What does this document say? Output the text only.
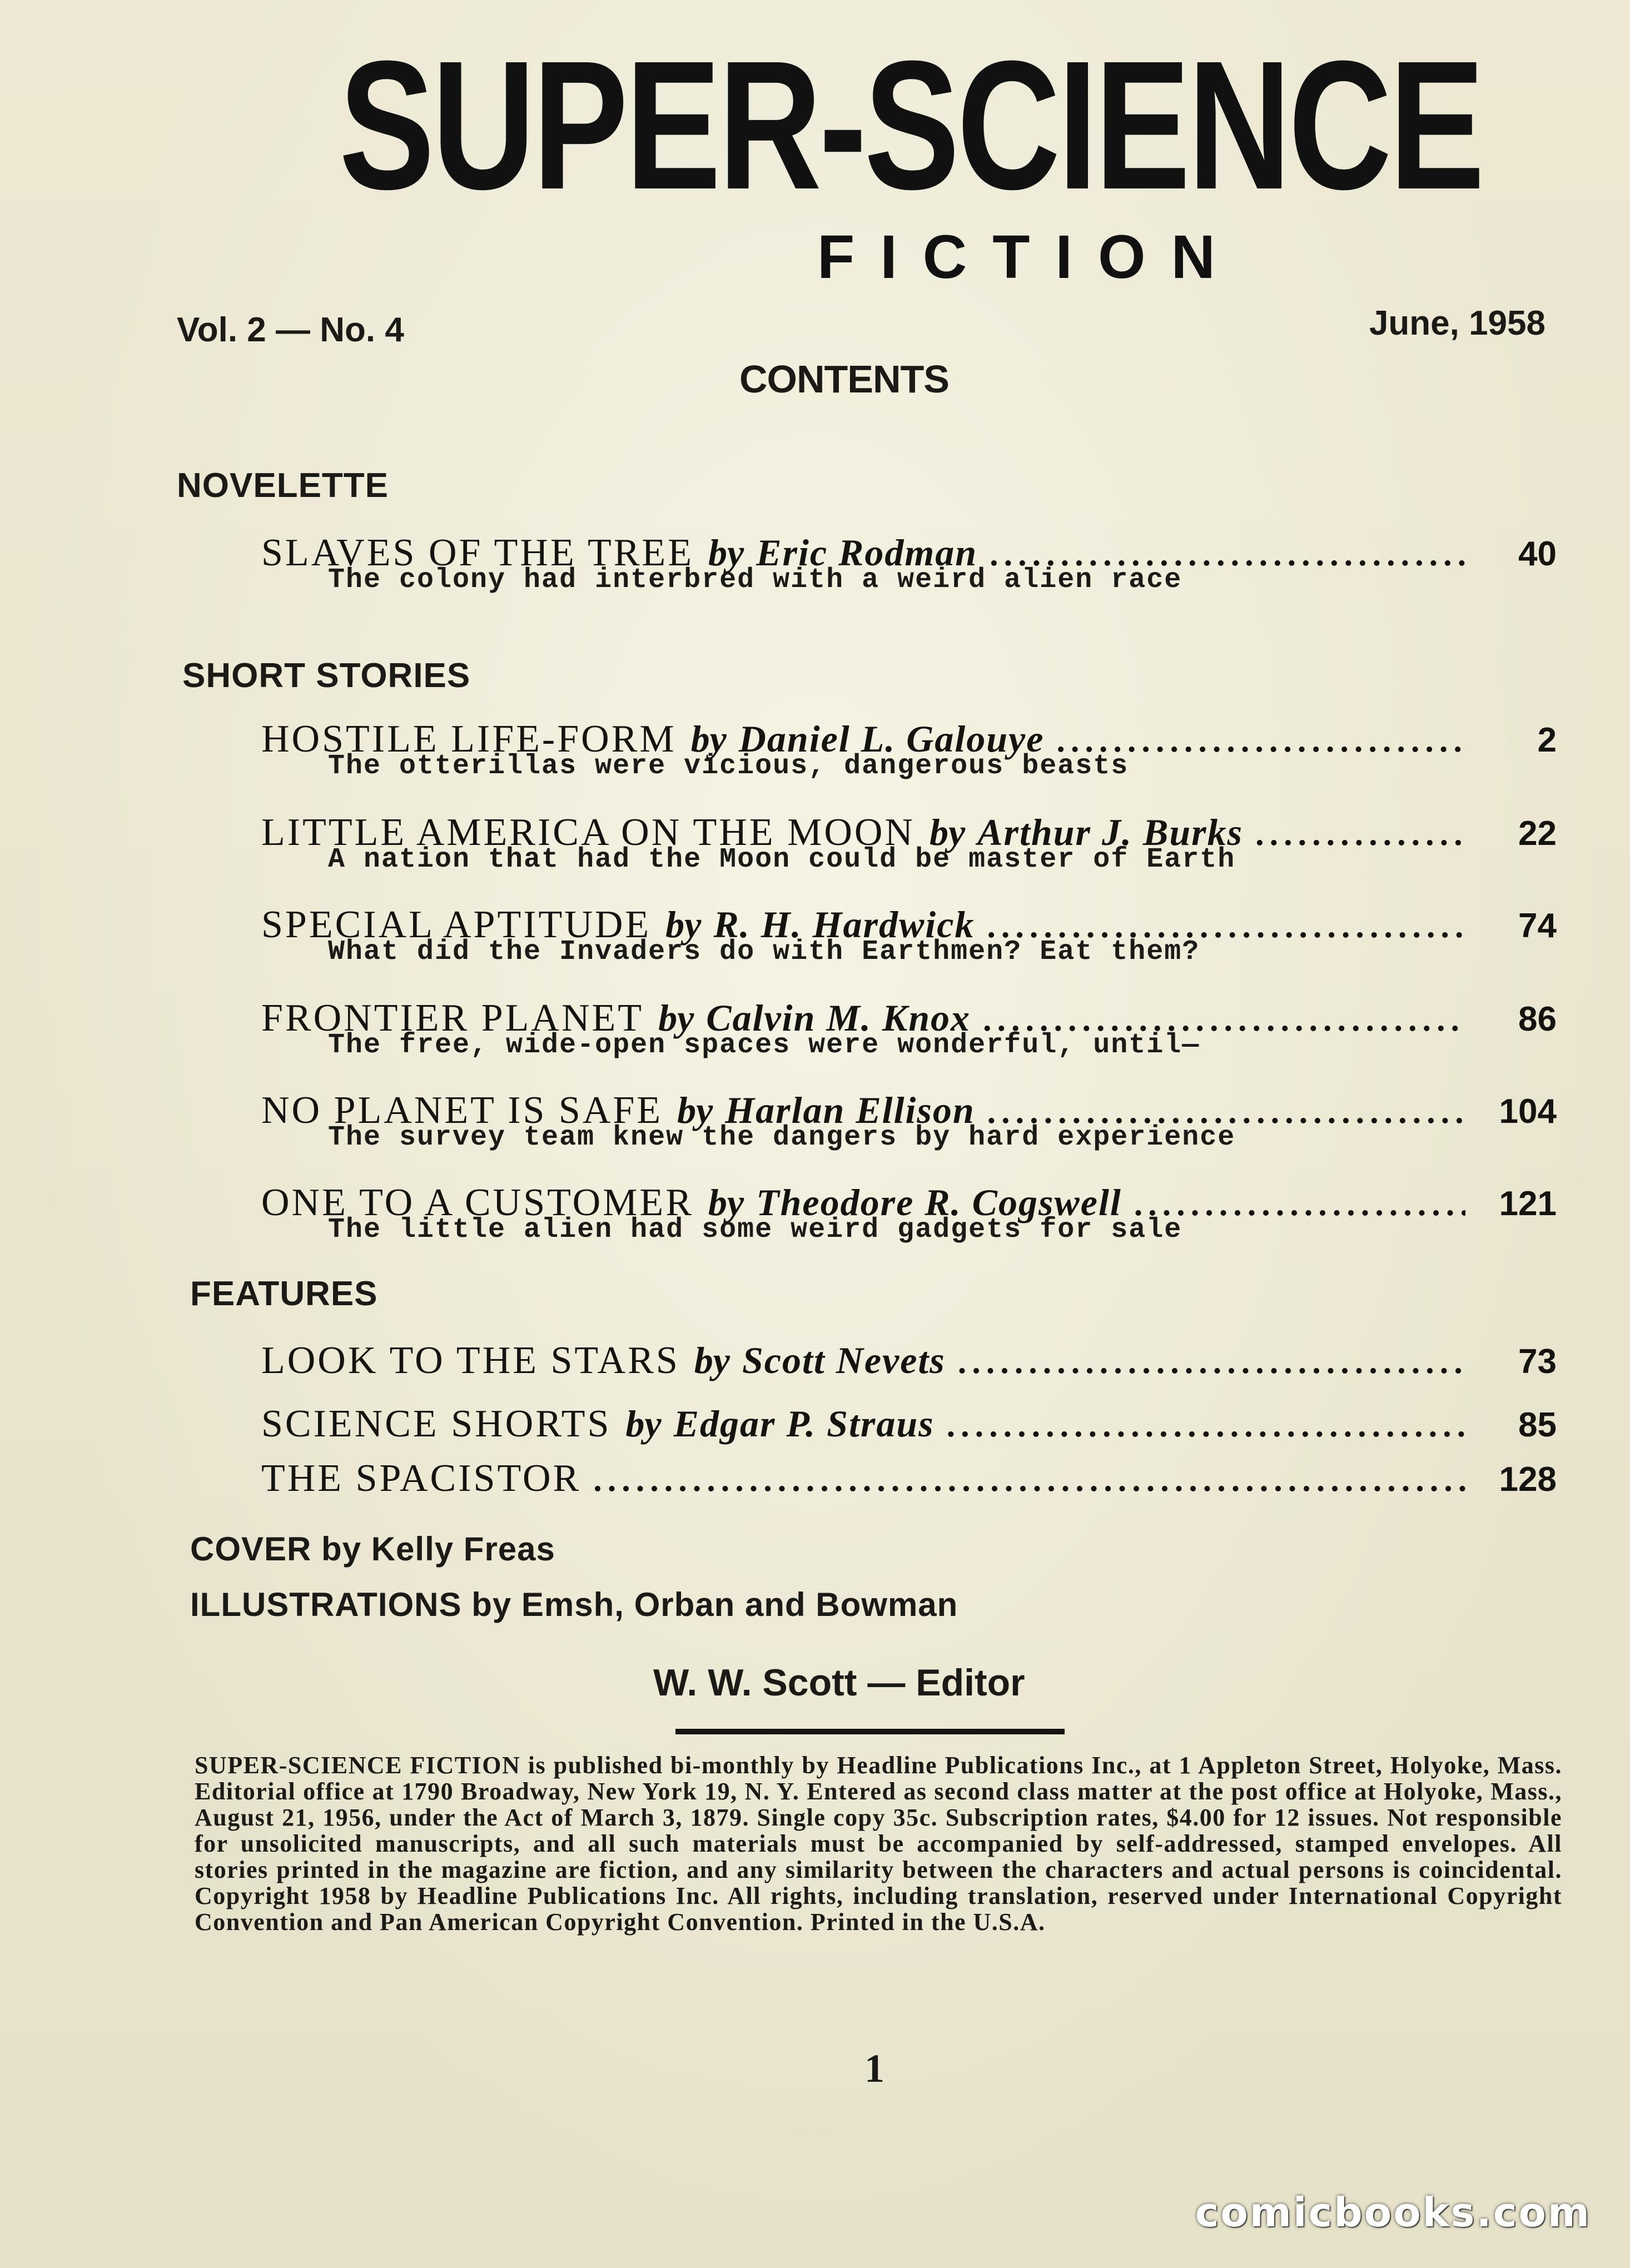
SUPER-SCIENCE
FICTION
Vol. 2 — No. 4	June, 1958
CONTENTS
NOVELETTE
SLAVES OF THE TREE by Eric Rodman .....	40
The colony had interbred with a weird alien race
SHORT STORIES
HOSTILE LIFE-FORM by Daniel L. Galouye .....	2
The otterillas were vicious, dangerous beasts
LITTLE AMERICA ON THE MOON by Arthur J. Burks .....	22
A nation that had the Moon could be master of Earth
SPECIAL APTITUDE by R. H. Hardwick .....	74
What did the Invaders do with Earthmen? Eat them?
FRONTIER PLANET by Calvin M. Knox .....	86
The free, wide-open spaces were wonderful, until—
NO PLANET IS SAFE by Harlan Ellison .....	104
The survey team knew the dangers by hard experience
ONE TO A CUSTOMER by Theodore R. Cogswell .....	121
The little alien had some weird gadgets for sale
FEATURES
LOOK TO THE STARS by Scott Nevets .....	73
SCIENCE SHORTS by Edgar P. Straus .....	85
THE SPACISTOR .....	128
COVER by Kelly Freas
ILLUSTRATIONS by Emsh, Orban and Bowman
W. W. Scott — Editor
SUPER-SCIENCE FICTION is published bi-monthly by Headline Publications Inc., at 1 Appleton Street, Holyoke, Mass. Editorial office at 1790 Broadway, New York 19, N. Y. Entered as second class matter at the post office at Holyoke, Mass., August 21, 1956, under the Act of March 3, 1879. Single copy 35c. Subscription rates, $4.00 for 12 issues. Not responsible for unsolicited manuscripts, and all such materials must be accompanied by self-addressed, stamped envelopes. All stories printed in the magazine are fiction, and any similarity between the characters and actual persons is coincidental. Copyright 1958 by Headline Publications Inc. All rights, including translation, reserved under International Copyright Convention and Pan American Copyright Convention. Printed in the U.S.A.
1
comicbooks.com
